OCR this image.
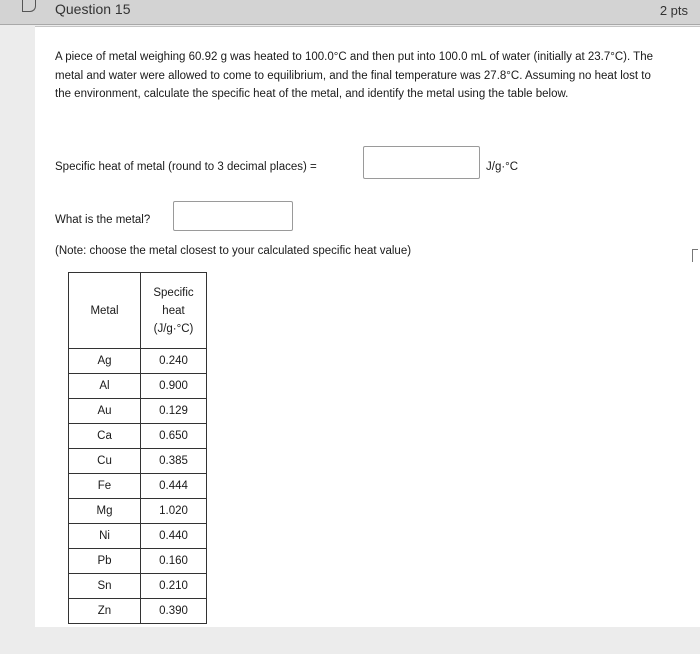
Question 15	2 pts

A piece of metal weighing 60.92 g was heated to 100.0°C and then put into 100.0 mL of water (initially at 23.7°C). The metal and water were allowed to come to equilibrium, and the final temperature was 27.8°C. Assuming no heat lost to the environment, calculate the specific heat of the metal, and identify the metal using the table below.

Specific heat of metal (round to 3 decimal places) =	J/g·°C
What is the metal?
(Note: choose the metal closest to your calculated specific heat value)
Metal	Specific
heat
(J/g·°C)

Ag	0.240
Al	0.900
Au	0.129
Ca	0.650
Cu	0.385
Fe	0.444
Mg	1.020
Ni	0.440
Pb	0.160
Sn	0.210
Zn	0.390
